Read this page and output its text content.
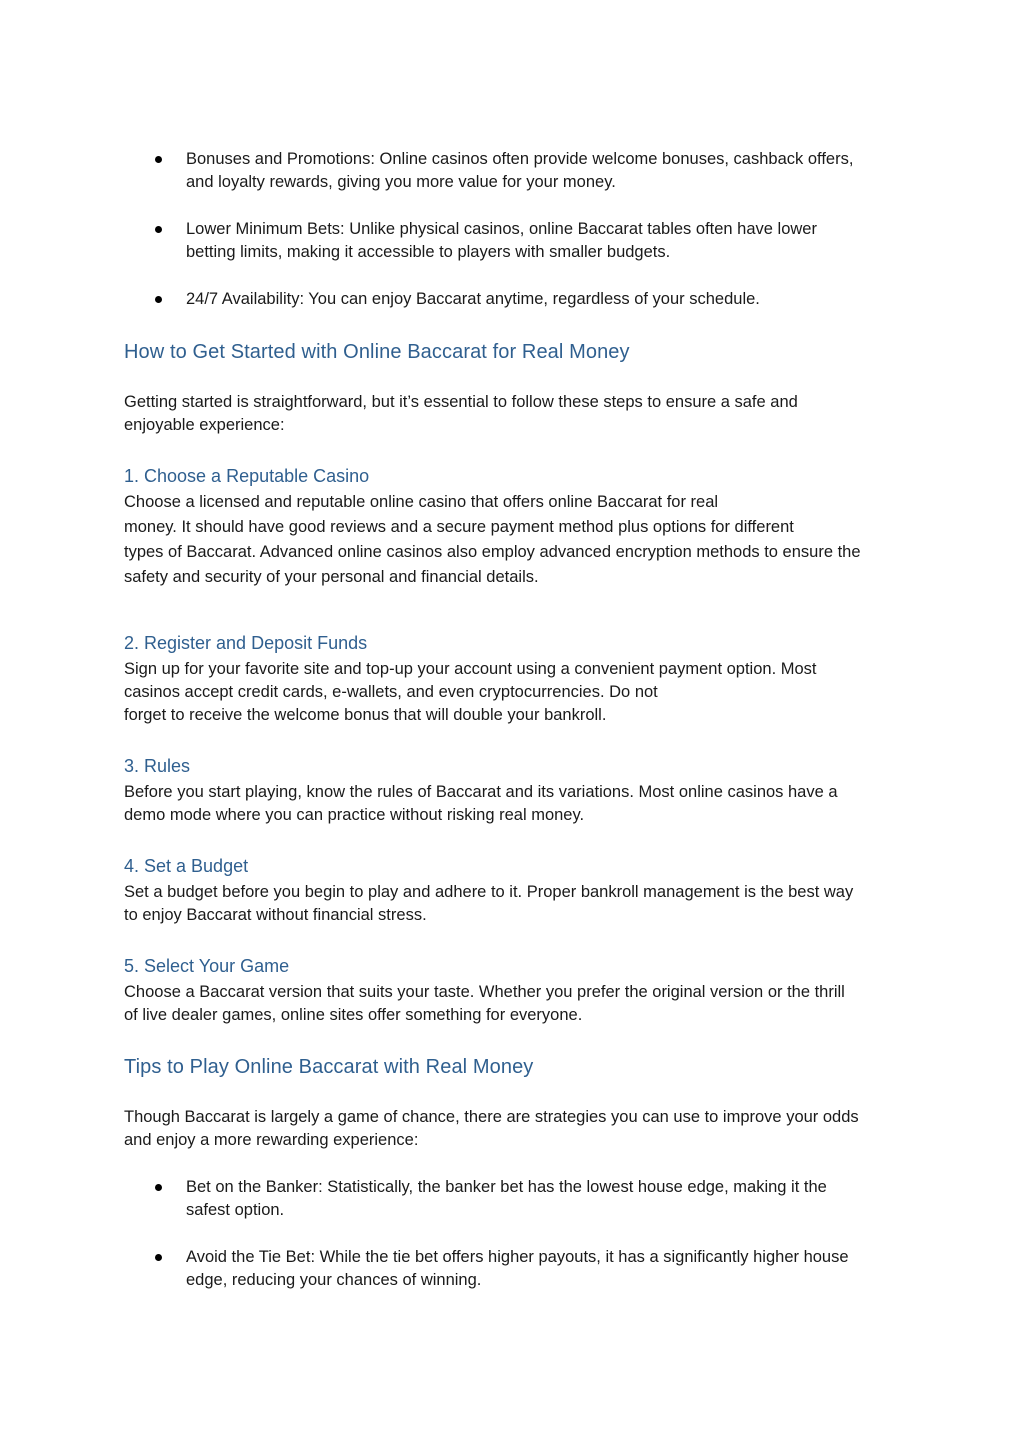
Bonuses and Promotions: Online casinos often provide welcome bonuses, cashback offers,
and loyalty rewards, giving you more value for your money.
Lower Minimum Bets: Unlike physical casinos, online Baccarat tables often have lower
betting limits, making it accessible to players with smaller budgets.
24/7 Availability: You can enjoy Baccarat anytime, regardless of your schedule.
How to Get Started with Online Baccarat for Real Money

Getting started is straightforward, but it’s essential to follow these steps to ensure a safe and
enjoyable experience:

1. Choose a Reputable Casino

Choose a licensed and reputable online casino that offers online Baccarat for real
money. It should have good reviews and a secure payment method plus options for different
types of Baccarat. Advanced online casinos also employ advanced encryption methods to ensure the
safety and security of your personal and financial details.

2. Register and Deposit Funds

Sign up for your favorite site and top-up your account using a convenient payment option. Most
casinos accept credit cards, e-wallets, and even cryptocurrencies. Do not
forget to receive the welcome bonus that will double your bankroll.

3. Rules

Before you start playing, know the rules of Baccarat and its variations. Most online casinos have a
demo mode where you can practice without risking real money.

4. Set a Budget

Set a budget before you begin to play and adhere to it. Proper bankroll management is the best way
to enjoy Baccarat without financial stress.

5. Select Your Game

Choose a Baccarat version that suits your taste. Whether you prefer the original version or the thrill
of live dealer games, online sites offer something for everyone.

Tips to Play Online Baccarat with Real Money

Though Baccarat is largely a game of chance, there are strategies you can use to improve your odds
and enjoy a more rewarding experience:

Bet on the Banker: Statistically, the banker bet has the lowest house edge, making it the
safest option.
Avoid the Tie Bet: While the tie bet offers higher payouts, it has a significantly higher house
edge, reducing your chances of winning.
